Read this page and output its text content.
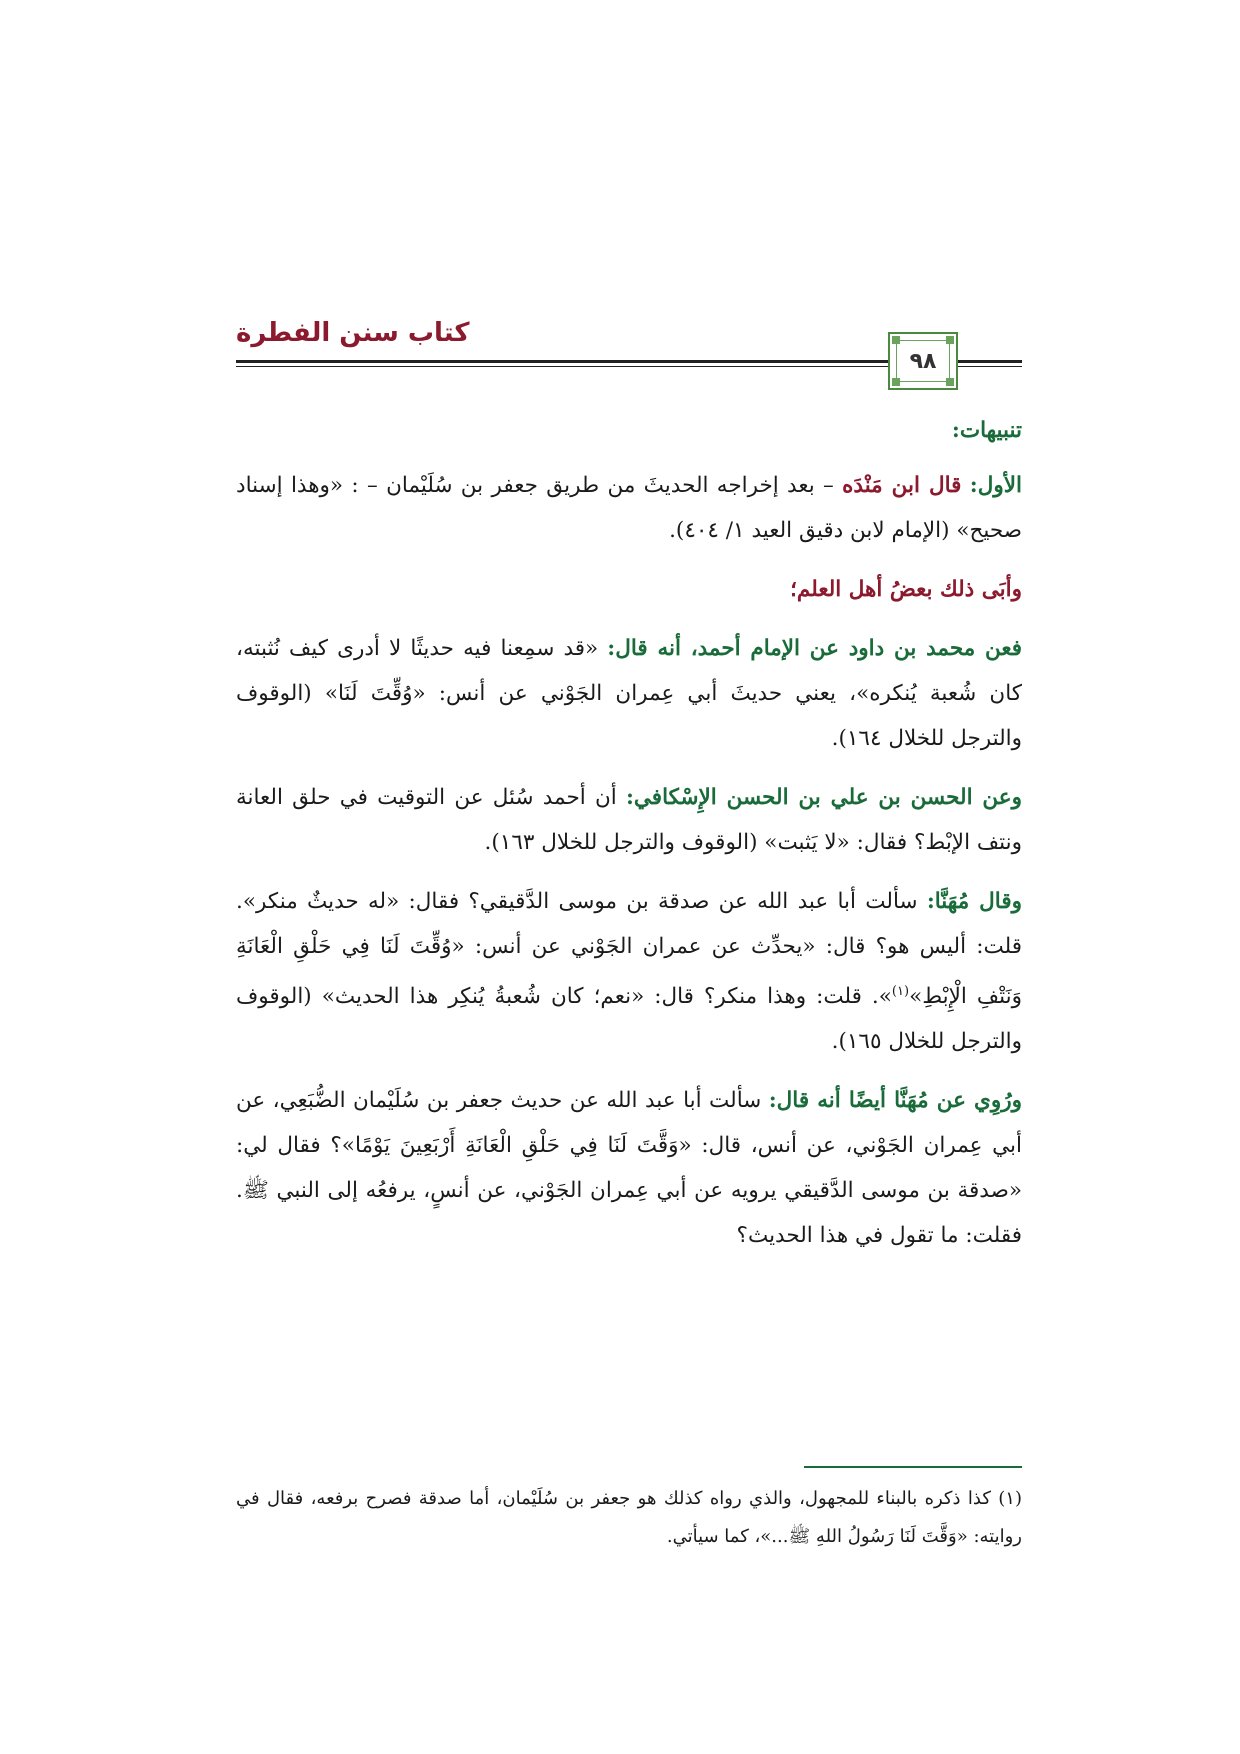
كتاب سنن الفطرة
٩٨

تنبيهات:

الأول: قال ابن مَنْدَه – بعد إخراجه الحديثَ من طريق جعفر بن سُلَيْمان – : «وهذا إسناد صحيح» (الإمام لابن دقيق العيد ١/ ٤٠٤).

وأبَى ذلك بعضُ أهل العلم؛

فعن محمد بن داود عن الإمام أحمد، أنه قال: «قد سمِعنا فيه حديثًا لا أدرى كيف نُثبته، كان شُعبة يُنكره»، يعني حديثَ أبي عِمران الجَوْني عن أنس: «وُقِّتَ لَنَا» (الوقوف والترجل للخلال ١٦٤).

وعن الحسن بن علي بن الحسن الإِسْكافي: أن أحمد سُئل عن التوقيت في حلق العانة ونتف الإبْط؟ فقال: «لا يَثبت» (الوقوف والترجل للخلال ١٦٣).

وقال مُهَنَّا: سألت أبا عبد الله عن صدقة بن موسى الدَّقيقي؟ فقال: «له حديثٌ منكر». قلت: أليس هو؟ قال: «يحدِّث عن عمران الجَوْني عن أنس: «وُقِّتَ لَنَا فِي حَلْقِ الْعَانَةِ وَنَتْفِ الْإِبْطِ»$^{(١)}$». قلت: وهذا منكر؟ قال: «نعم؛ كان شُعبةُ يُنكِر هذا الحديث» (الوقوف والترجل للخلال ١٦٥).

ورُوِي عن مُهَنَّا أيضًا أنه قال: سألت أبا عبد الله عن حديث جعفر بن سُلَيْمان الضُّبَعِي، عن أبي عِمران الجَوْني، عن أنس، قال: «وَقَّتَ لَنَا فِي حَلْقِ الْعَانَةِ أَرْبَعِينَ يَوْمًا»؟ فقال لي: «صدقة بن موسى الدَّقيقي يرويه عن أبي عِمران الجَوْني، عن أنسٍ، يرفعُه إلى النبي ﷺ. فقلت: ما تقول في هذا الحديث؟

(١) كذا ذكره بالبناء للمجهول، والذي رواه كذلك هو جعفر بن سُلَيْمان، أما صدقة فصرح برفعه، فقال في روايته: «وَقَّتَ لَنَا رَسُولُ اللهِ ﷺ...»، كما سيأتي.
